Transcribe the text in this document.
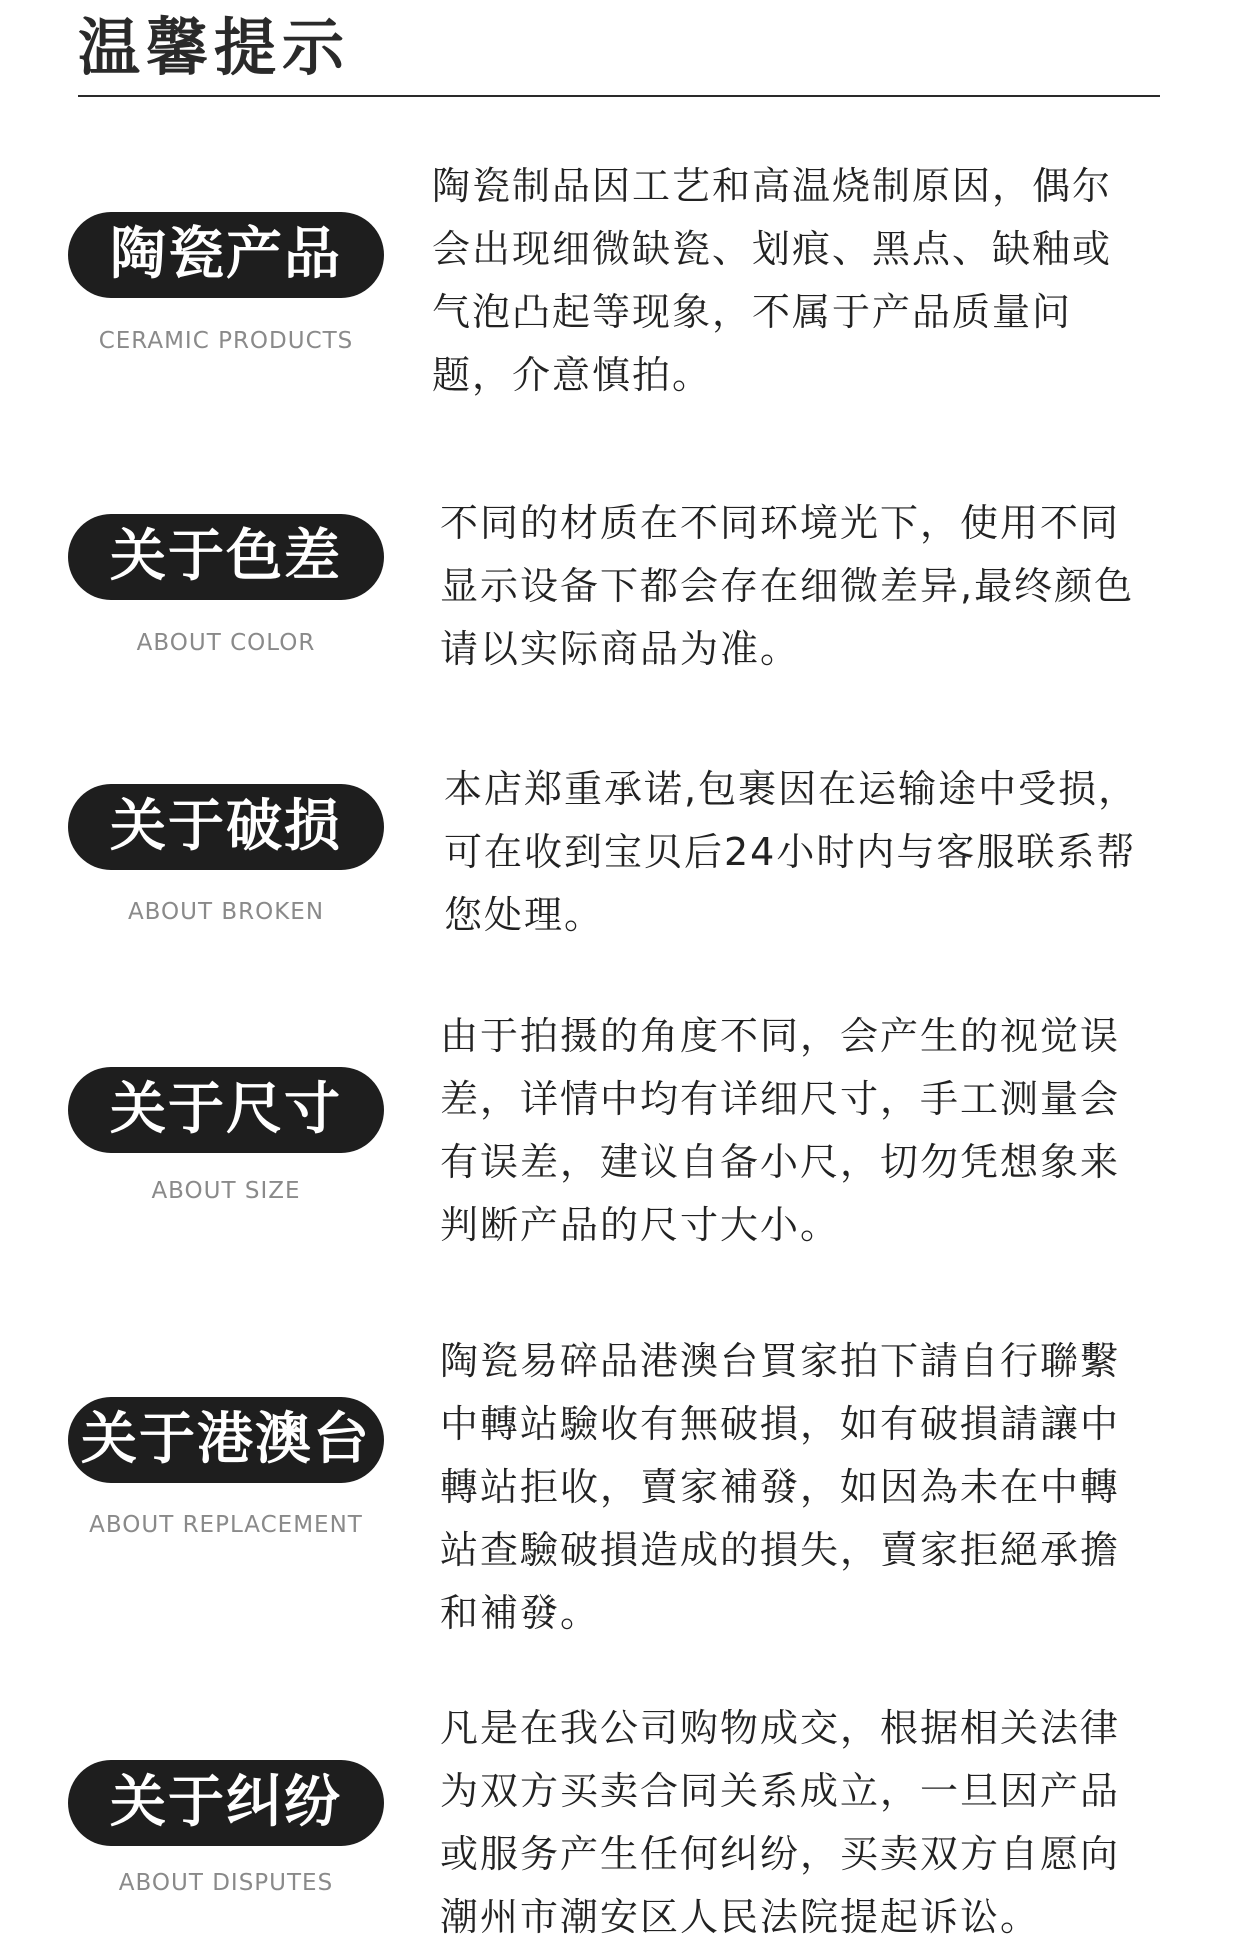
温馨提示
陶瓷产品
CERAMIC PRODUCTS
陶瓷制品因工艺和高温烧制原因，偶尔会出现细微缺瓷、划痕、黑点、缺釉或气泡凸起等现象，不属于产品质量问题，介意慎拍。
关于色差
ABOUT COLOR
不同的材质在不同环境光下，使用不同显示设备下都会存在细微差异,最终颜色请以实际商品为准。
关于破损
ABOUT BROKEN
本店郑重承诺,包裹因在运输途中受损，可在收到宝贝后24小时内与客服联系帮您处理。
关于尺寸
ABOUT SIZE
由于拍摄的角度不同，会产生的视觉误差，详情中均有详细尺寸，手工测量会有误差，建议自备小尺，切勿凭想象来判断产品的尺寸大小。
关于港澳台
ABOUT REPLACEMENT
陶瓷易碎品港澳台買家拍下請自行聯繫中轉站驗收有無破損，如有破損請讓中轉站拒收，賣家補發，如因為未在中轉站查驗破損造成的損失，賣家拒絕承擔和補發。
关于纠纷
ABOUT DISPUTES
凡是在我公司购物成交，根据相关法律为双方买卖合同关系成立，一旦因产品或服务产生任何纠纷，买卖双方自愿向潮州市潮安区人民法院提起诉讼。
